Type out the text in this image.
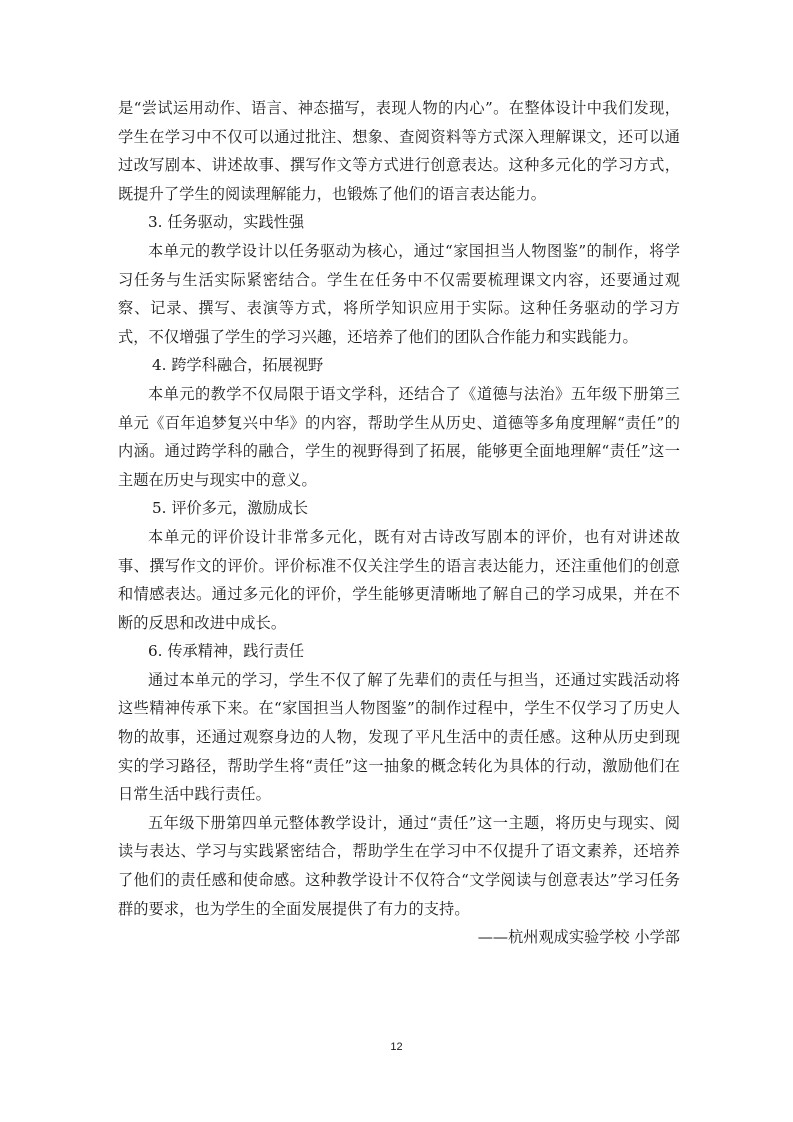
是“尝试运用动作、语言、神态描写，表现人物的内心”。在整体设计中我们发现，学生在学习中不仅可以通过批注、想象、查阅资料等方式深入理解课文，还可以通过改写剧本、讲述故事、撰写作文等方式进行创意表达。这种多元化的学习方式，既提升了学生的阅读理解能力，也锻炼了他们的语言表达能力。

3. 任务驱动，实践性强

本单元的教学设计以任务驱动为核心，通过“家国担当人物图鉴”的制作，将学习任务与生活实际紧密结合。学生在任务中不仅需要梳理课文内容，还要通过观察、记录、撰写、表演等方式，将所学知识应用于实际。这种任务驱动的学习方式，不仅增强了学生的学习兴趣，还培养了他们的团队合作能力和实践能力。

4. 跨学科融合，拓展视野

本单元的教学不仅局限于语文学科，还结合了《道德与法治》五年级下册第三单元《百年追梦复兴中华》的内容，帮助学生从历史、道德等多角度理解“责任”的内涵。通过跨学科的融合，学生的视野得到了拓展，能够更全面地理解“责任”这一主题在历史与现实中的意义。

5. 评价多元，激励成长

本单元的评价设计非常多元化，既有对古诗改写剧本的评价，也有对讲述故事、撰写作文的评价。评价标准不仅关注学生的语言表达能力，还注重他们的创意和情感表达。通过多元化的评价，学生能够更清晰地了解自己的学习成果，并在不断的反思和改进中成长。

6. 传承精神，践行责任

通过本单元的学习，学生不仅了解了先辈们的责任与担当，还通过实践活动将这些精神传承下来。在“家国担当人物图鉴”的制作过程中，学生不仅学习了历史人物的故事，还通过观察身边的人物，发现了平凡生活中的责任感。这种从历史到现实的学习路径，帮助学生将“责任”这一抽象的概念转化为具体的行动，激励他们在日常生活中践行责任。

五年级下册第四单元整体教学设计，通过“责任”这一主题，将历史与现实、阅读与表达、学习与实践紧密结合，帮助学生在学习中不仅提升了语文素养，还培养了他们的责任感和使命感。这种教学设计不仅符合“文学阅读与创意表达”学习任务群的要求，也为学生的全面发展提供了有力的支持。

——杭州观成实验学校 小学部

12
